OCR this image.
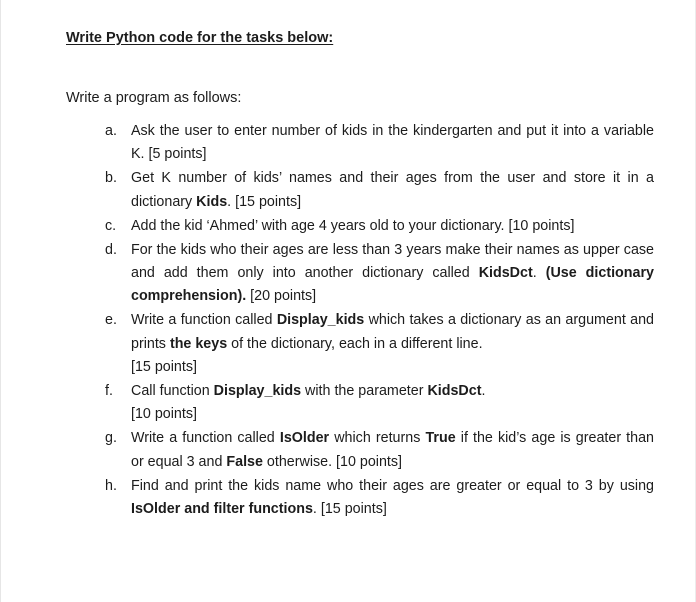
Write Python code for the tasks below:
Write a program as follows:
a. Ask the user to enter number of kids in the kindergarten and put it into a variable K. [5 points]
b. Get K number of kids’ names and their ages from the user and store it in a dictionary Kids. [15 points]
c. Add the kid ‘Ahmed’ with age 4 years old to your dictionary. [10 points]
d. For the kids who their ages are less than 3 years make their names as upper case and add them only into another dictionary called KidsDct. (Use dictionary comprehension). [20 points]
e. Write a function called Display_kids which takes a dictionary as an argument and prints the keys of the dictionary, each in a different line.
[15 points]
f. Call function Display_kids with the parameter KidsDct.
[10 points]
g. Write a function called IsOlder which returns True if the kid’s age is greater than or equal 3 and False otherwise. [10 points]
h. Find and print the kids name who their ages are greater or equal to 3 by using IsOlder and filter functions. [15 points]
